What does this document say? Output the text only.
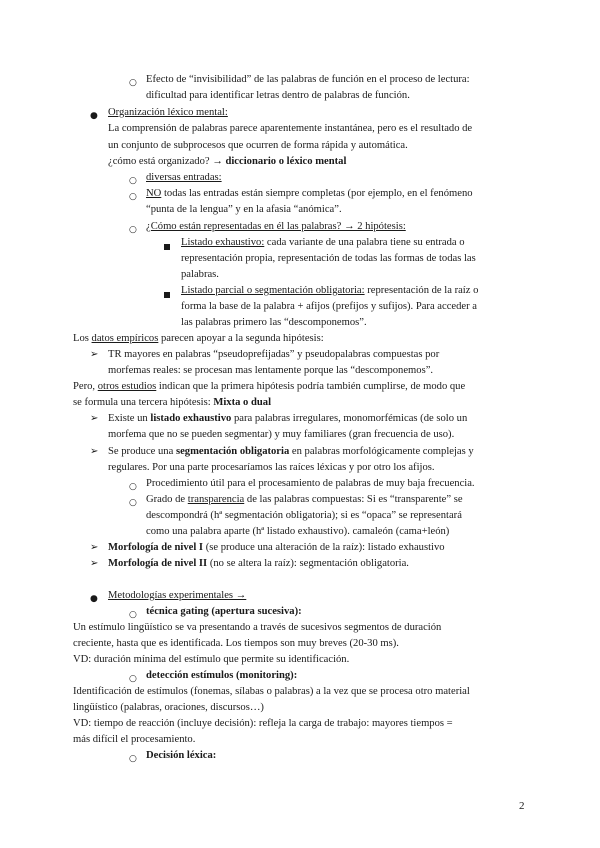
○ Efecto de “invisibilidad” de las palabras de función en el proceso de lectura:
dificultad para identificar letras dentro de palabras de función.
● Organización léxico mental:
La comprensión de palabras parece aparentemente instantánea, pero es el resultado de
un conjunto de subprocesos que ocurren de forma rápida y automática.
¿cómo está organizado? → diccionario o léxico mental
○ diversas entradas:
○ NO todas las entradas están siempre completas (por ejemplo, en el fenómeno
“punta de la lengua” y en la afasia “anómica”.
○ ¿Cómo están representadas en él las palabras? → 2 hipótesis:
Listado exhaustivo: cada variante de una palabra tiene su entrada o
representación propia, representación de todas las formas de todas las
palabras.
Listado parcial o segmentación obligatoria: representación de la raíz o
forma la base de la palabra + afijos (prefijos y sufijos). Para acceder a
las palabras primero las “descomponemos”.
Los datos empíricos parecen apoyar a la segunda hipótesis:
➢ TR mayores en palabras “pseudoprefijadas” y pseudopalabras compuestas por
morfemas reales: se procesan mas lentamente porque las “descomponemos”.
Pero, otros estudios indican que la primera hipótesis podría también cumplirse, de modo que
se formula una tercera hipótesis: Mixta o dual
➢ Existe un listado exhaustivo para palabras irregulares, monomorfémicas (de solo un
morfema que no se pueden segmentar) y muy familiares (gran frecuencia de uso).
➢ Se produce una segmentación obligatoria en palabras morfológicamente complejas y
regulares. Por una parte procesaríamos las raíces léxicas y por otro los afijos.
○ Procedimiento útil para el procesamiento de palabras de muy baja frecuencia.
○ Grado de transparencia de las palabras compuestas: Si es “transparente” se
descompondrá (hª segmentación obligatoria); si es “opaca” se representará
como una palabra aparte (hª listado exhaustivo). camaleón (cama+león)
➢ Morfología de nivel I (se produce una alteración de la raíz): listado exhaustivo
➢ Morfología de nivel II (no se altera la raíz): segmentación obligatoria.
● Metodologías experimentales →
○ técnica gating (apertura sucesiva):
Un estímulo lingüístico se va presentando a través de sucesivos segmentos de duración
creciente, hasta que es identificada. Los tiempos son muy breves (20-30 ms).
VD: duración mínima del estímulo que permite su identificación.
○ detección estímulos (monitoring):
Identificación de estímulos (fonemas, sílabas o palabras) a la vez que se procesa otro material
lingüístico (palabras, oraciones, discursos…)
VD: tiempo de reacción (incluye decisión): refleja la carga de trabajo: mayores tiempos =
más difícil el procesamiento.
○ Decisión léxica:
2
